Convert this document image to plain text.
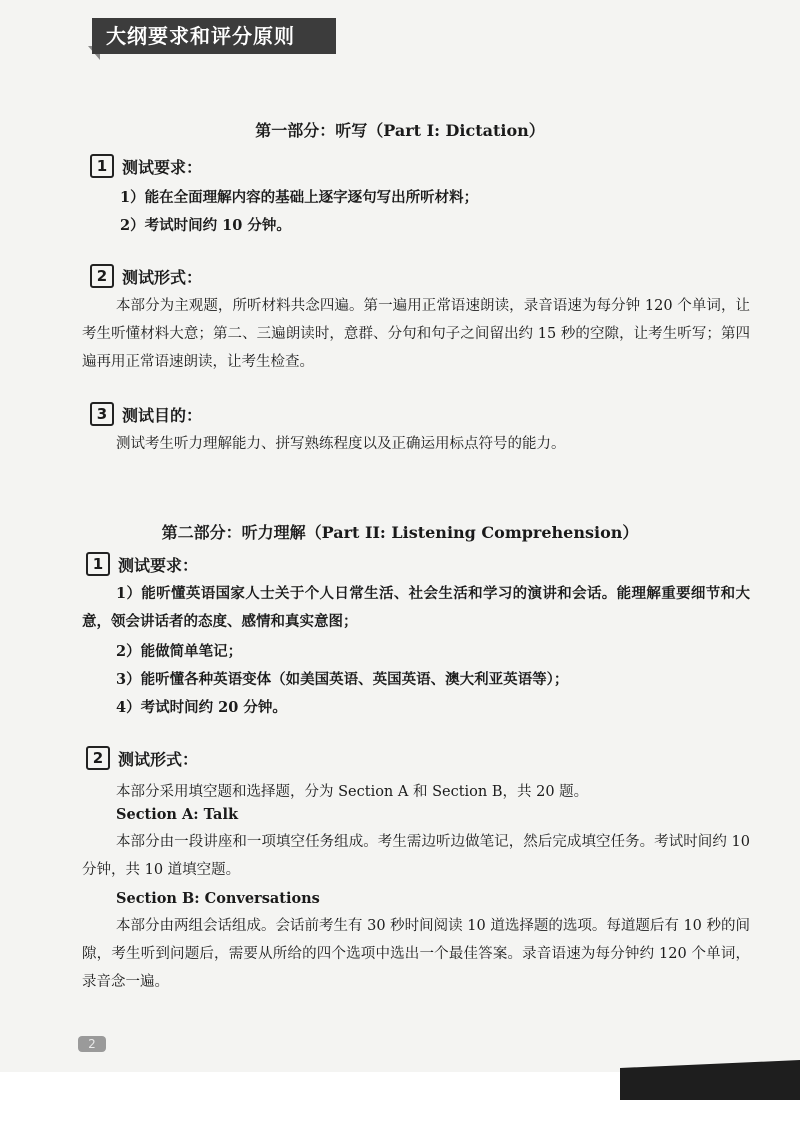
大纲要求和评分原则
第一部分：听写（Part I: Dictation）
1 测试要求：
1）能在全面理解内容的基础上逐字逐句写出所听材料；
2）考试时间约 10 分钟。
2 测试形式：
本部分为主观题，所听材料共念四遍。第一遍用正常语速朗读，录音语速为每分钟 120 个单词，让考生听懂材料大意；第二、三遍朗读时，意群、分句和句子之间留出约 15 秒的空隙，让考生听写；第四遍再用正常语速朗读，让考生检查。
3 测试目的：
测试考生听力理解能力、拼写熟练程度以及正确运用标点符号的能力。
第二部分：听力理解（Part II: Listening Comprehension）
1 测试要求：
1）能听懂英语国家人士关于个人日常生活、社会生活和学习的演讲和会话。能理解重要细节和大意，领会讲话者的态度、感情和真实意图；
2）能做简单笔记；
3）能听懂各种英语变体（如美国英语、英国英语、澳大利亚英语等）；
4）考试时间约 20 分钟。
2 测试形式：
本部分采用填空题和选择题，分为 Section A 和 Section B，共 20 题。
Section A: Talk
本部分由一段讲座和一项填空任务组成。考生需边听边做笔记，然后完成填空任务。考试时间约 10 分钟，共 10 道填空题。
Section B: Conversations
本部分由两组会话组成。会话前考生有 30 秒时间阅读 10 道选择题的选项。每道题后有 10 秒的间隙，考生听到问题后，需要从所给的四个选项中选出一个最佳答案。录音语速为每分钟约 120 个单词，录音念一遍。
2
